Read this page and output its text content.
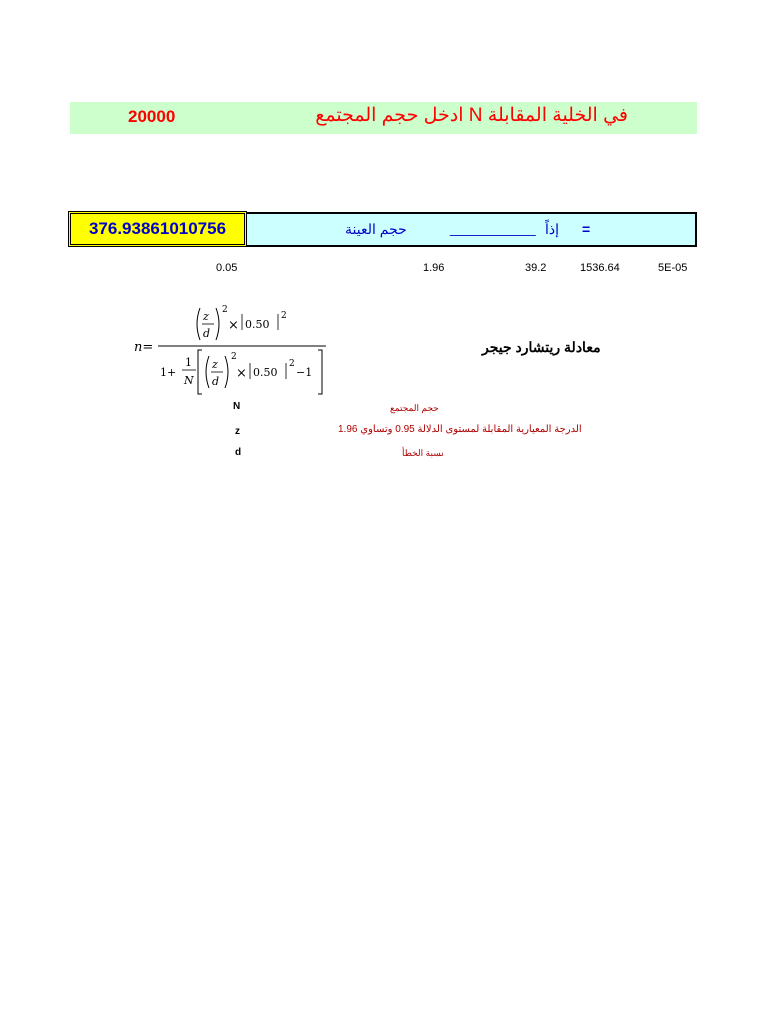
20000	في الخلية المقابلة N ادخل حجم المجتمع
376.93861010756	حجم العينة	___________ إذاً =
0.05	1.96	39.2	1536.64	5E-05
n=
z
d
2
× 0.50
2
1+
1
N
z
d
2
× 0.50
2
−1
معادلة ريتشارد جيجر
N	حجم المجتمع
z	الدرجة المعيارية المقابلة لمستوى الدلالة 0.95 وتساوي 1.96
d	نسبة الخطأ
